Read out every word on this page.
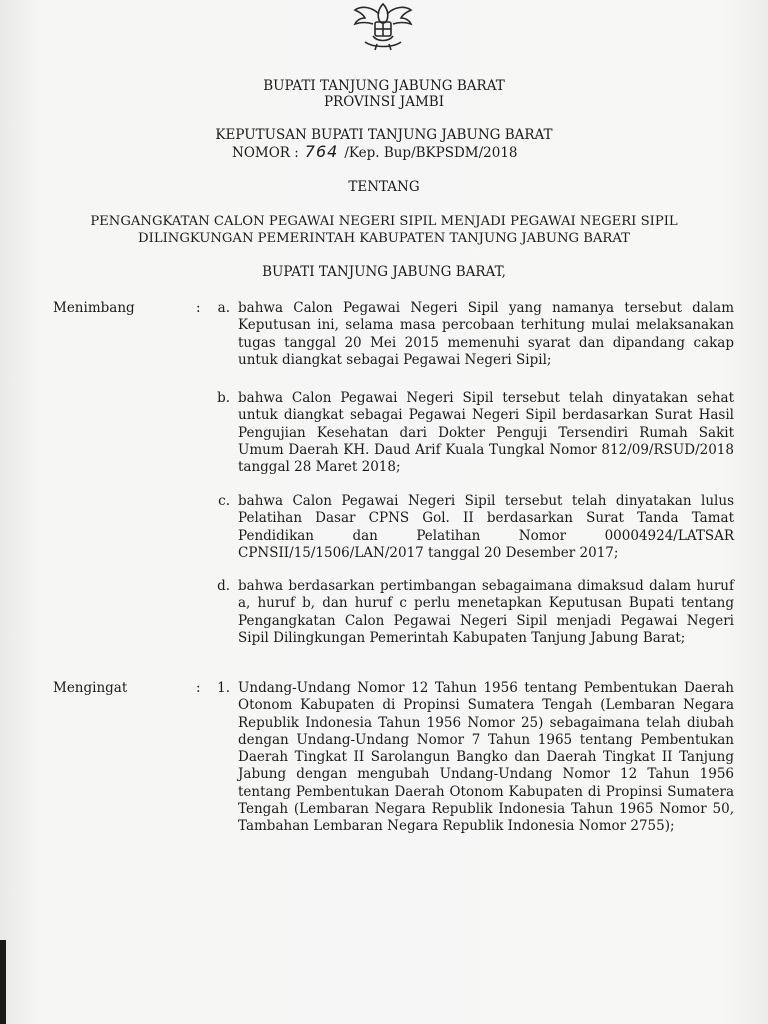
BUPATI TANJUNG JABUNG BARAT
PROVINSI JAMBI
KEPUTUSAN BUPATI TANJUNG JABUNG BARAT
NOMOR : 764 /Kep. Bup/BKPSDM/2018
TENTANG
PENGANGKATAN CALON PEGAWAI NEGERI SIPIL MENJADI PEGAWAI NEGERI SIPIL
DILINGKUNGAN PEMERINTAH KABUPATEN TANJUNG JABUNG BARAT
BUPATI TANJUNG JABUNG BARAT,
Menimbang	:	a. bahwa Calon Pegawai Negeri Sipil yang namanya tersebut dalam Keputusan ini, selama masa percobaan terhitung mulai melaksanakan tugas tanggal 20 Mei 2015 memenuhi syarat dan dipandang cakap untuk diangkat sebagai Pegawai Negeri Sipil;
b. bahwa Calon Pegawai Negeri Sipil tersebut telah dinyatakan sehat untuk diangkat sebagai Pegawai Negeri Sipil berdasarkan Surat Hasil Pengujian Kesehatan dari Dokter Penguji Tersendiri Rumah Sakit Umum Daerah KH. Daud Arif Kuala Tungkal Nomor 812/09/RSUD/2018 tanggal 28 Maret 2018;
c. bahwa Calon Pegawai Negeri Sipil tersebut telah dinyatakan lulus Pelatihan Dasar CPNS Gol. II berdasarkan Surat Tanda Tamat Pendidikan dan Pelatihan Nomor 00004924/LATSAR CPNSII/15/1506/LAN/2017 tanggal 20 Desember 2017;
d. bahwa berdasarkan pertimbangan sebagaimana dimaksud dalam huruf a, huruf b, dan huruf c perlu menetapkan Keputusan Bupati tentang Pengangkatan Calon Pegawai Negeri Sipil menjadi Pegawai Negeri Sipil Dilingkungan Pemerintah Kabupaten Tanjung Jabung Barat;
Mengingat	:	1. Undang-Undang Nomor 12 Tahun 1956 tentang Pembentukan Daerah Otonom Kabupaten di Propinsi Sumatera Tengah (Lembaran Negara Republik Indonesia Tahun 1956 Nomor 25) sebagaimana telah diubah dengan Undang-Undang Nomor 7 Tahun 1965 tentang Pembentukan Daerah Tingkat II Sarolangun Bangko dan Daerah Tingkat II Tanjung Jabung dengan mengubah Undang-Undang Nomor 12 Tahun 1956 tentang Pembentukan Daerah Otonom Kabupaten di Propinsi Sumatera Tengah (Lembaran Negara Republik Indonesia Tahun 1965 Nomor 50, Tambahan Lembaran Negara Republik Indonesia Nomor 2755);
